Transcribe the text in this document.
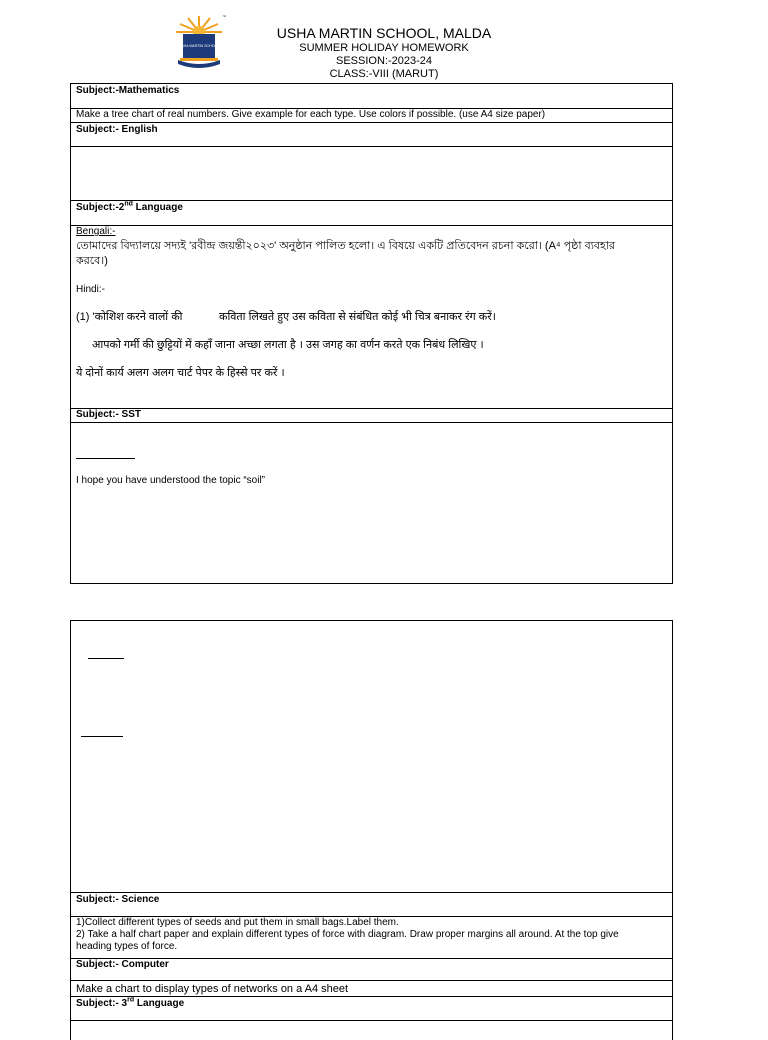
USHA MARTIN SCHOOL
™
USHA MARTIN SCHOOL, MALDA
SUMMER HOLIDAY HOMEWORK
SESSION:-2023-24
CLASS:-VIII (MARUT)
Subject:-Mathematics
Make a tree chart of real numbers. Give example for each type. Use colors if possible. (use A4 size paper)
Subject:- English
Subject:-2nd Language
Bengali:-
তোমাদের বিদ্যালয়ে সদ্যই 'রবীন্দ্র জয়ন্তী২০২৩' অনুষ্ঠান পালিত হলো। এ বিষয়ে একটি প্রতিবেদন রচনা করো। (A⁴ পৃষ্ঠা ব্যবহার
করবে।)
Hindi:-
(1) 'कोशिश करने वालों की	कविता लिखते हुए उस कविता से संबंधित कोई भी चित्र बनाकर रंग करें।
आपको गर्मी की छुट्टियों में कहाँ जाना अच्छा लगता है । उस जगह का वर्णन करते एक निबंध लिखिए ।
ये दोनों कार्य अलग अलग चार्ट पेपर के हिस्से पर करें ।
Subject:- SST
I hope you have understood the topic “soil”
Subject:- Science
1)Collect different types of seeds and put them in small bags.Label them.
2) Take a half chart paper and explain different types of force with diagram. Draw proper margins all around. At the top give
heading types of force.
Subject:- Computer
Make a chart to display types of networks on a A4 sheet
Subject:- 3rd Language
